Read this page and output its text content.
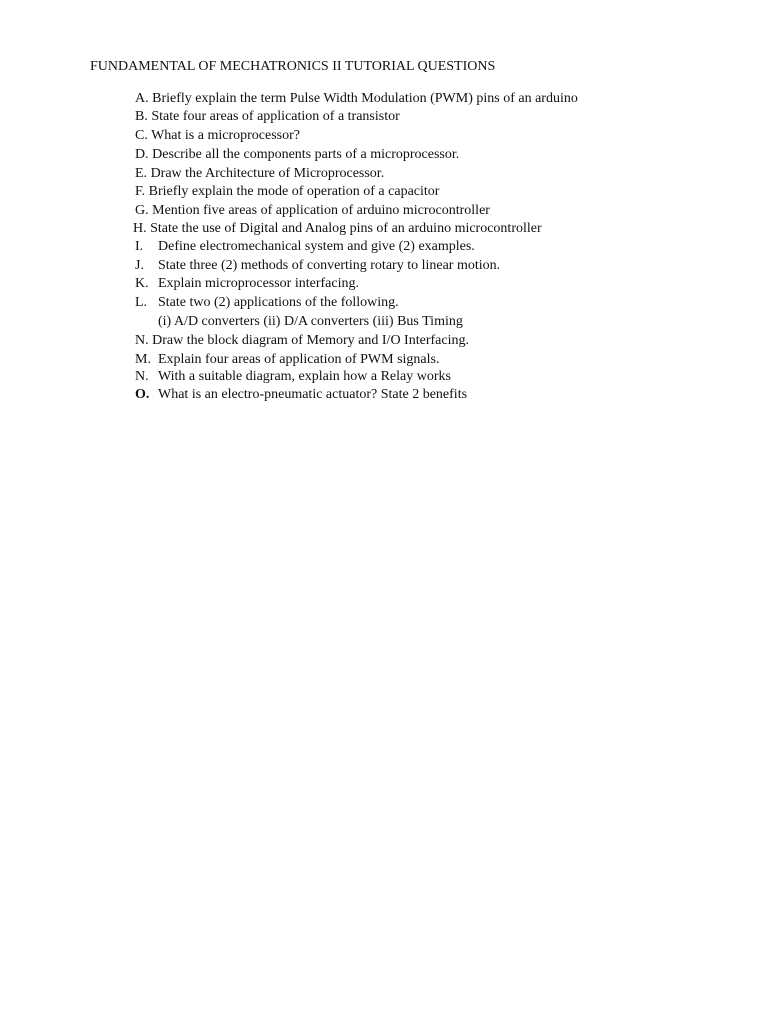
FUNDAMENTAL OF MECHATRONICS II TUTORIAL QUESTIONS
A. Briefly explain the term Pulse Width Modulation (PWM) pins of an arduino
B. State four areas of application of a transistor
C. What is a microprocessor?
D. Describe all the components parts of a microprocessor.
E. Draw the Architecture of Microprocessor.
F. Briefly explain the mode of operation of a capacitor
G. Mention five areas of application of arduino microcontroller
H. State the use of Digital and Analog pins of an arduino microcontroller
I. Define electromechanical system and give (2) examples.
J. State three (2) methods of converting rotary to linear motion.
K. Explain microprocessor interfacing.
L. State two (2) applications of the following.
(i) A/D converters (ii) D/A converters (iii) Bus Timing
N. Draw the block diagram of Memory and I/O Interfacing.
M. Explain four areas of application of PWM signals.
N. With a suitable diagram, explain how a Relay works
O. What is an electro-pneumatic actuator? State 2 benefits
